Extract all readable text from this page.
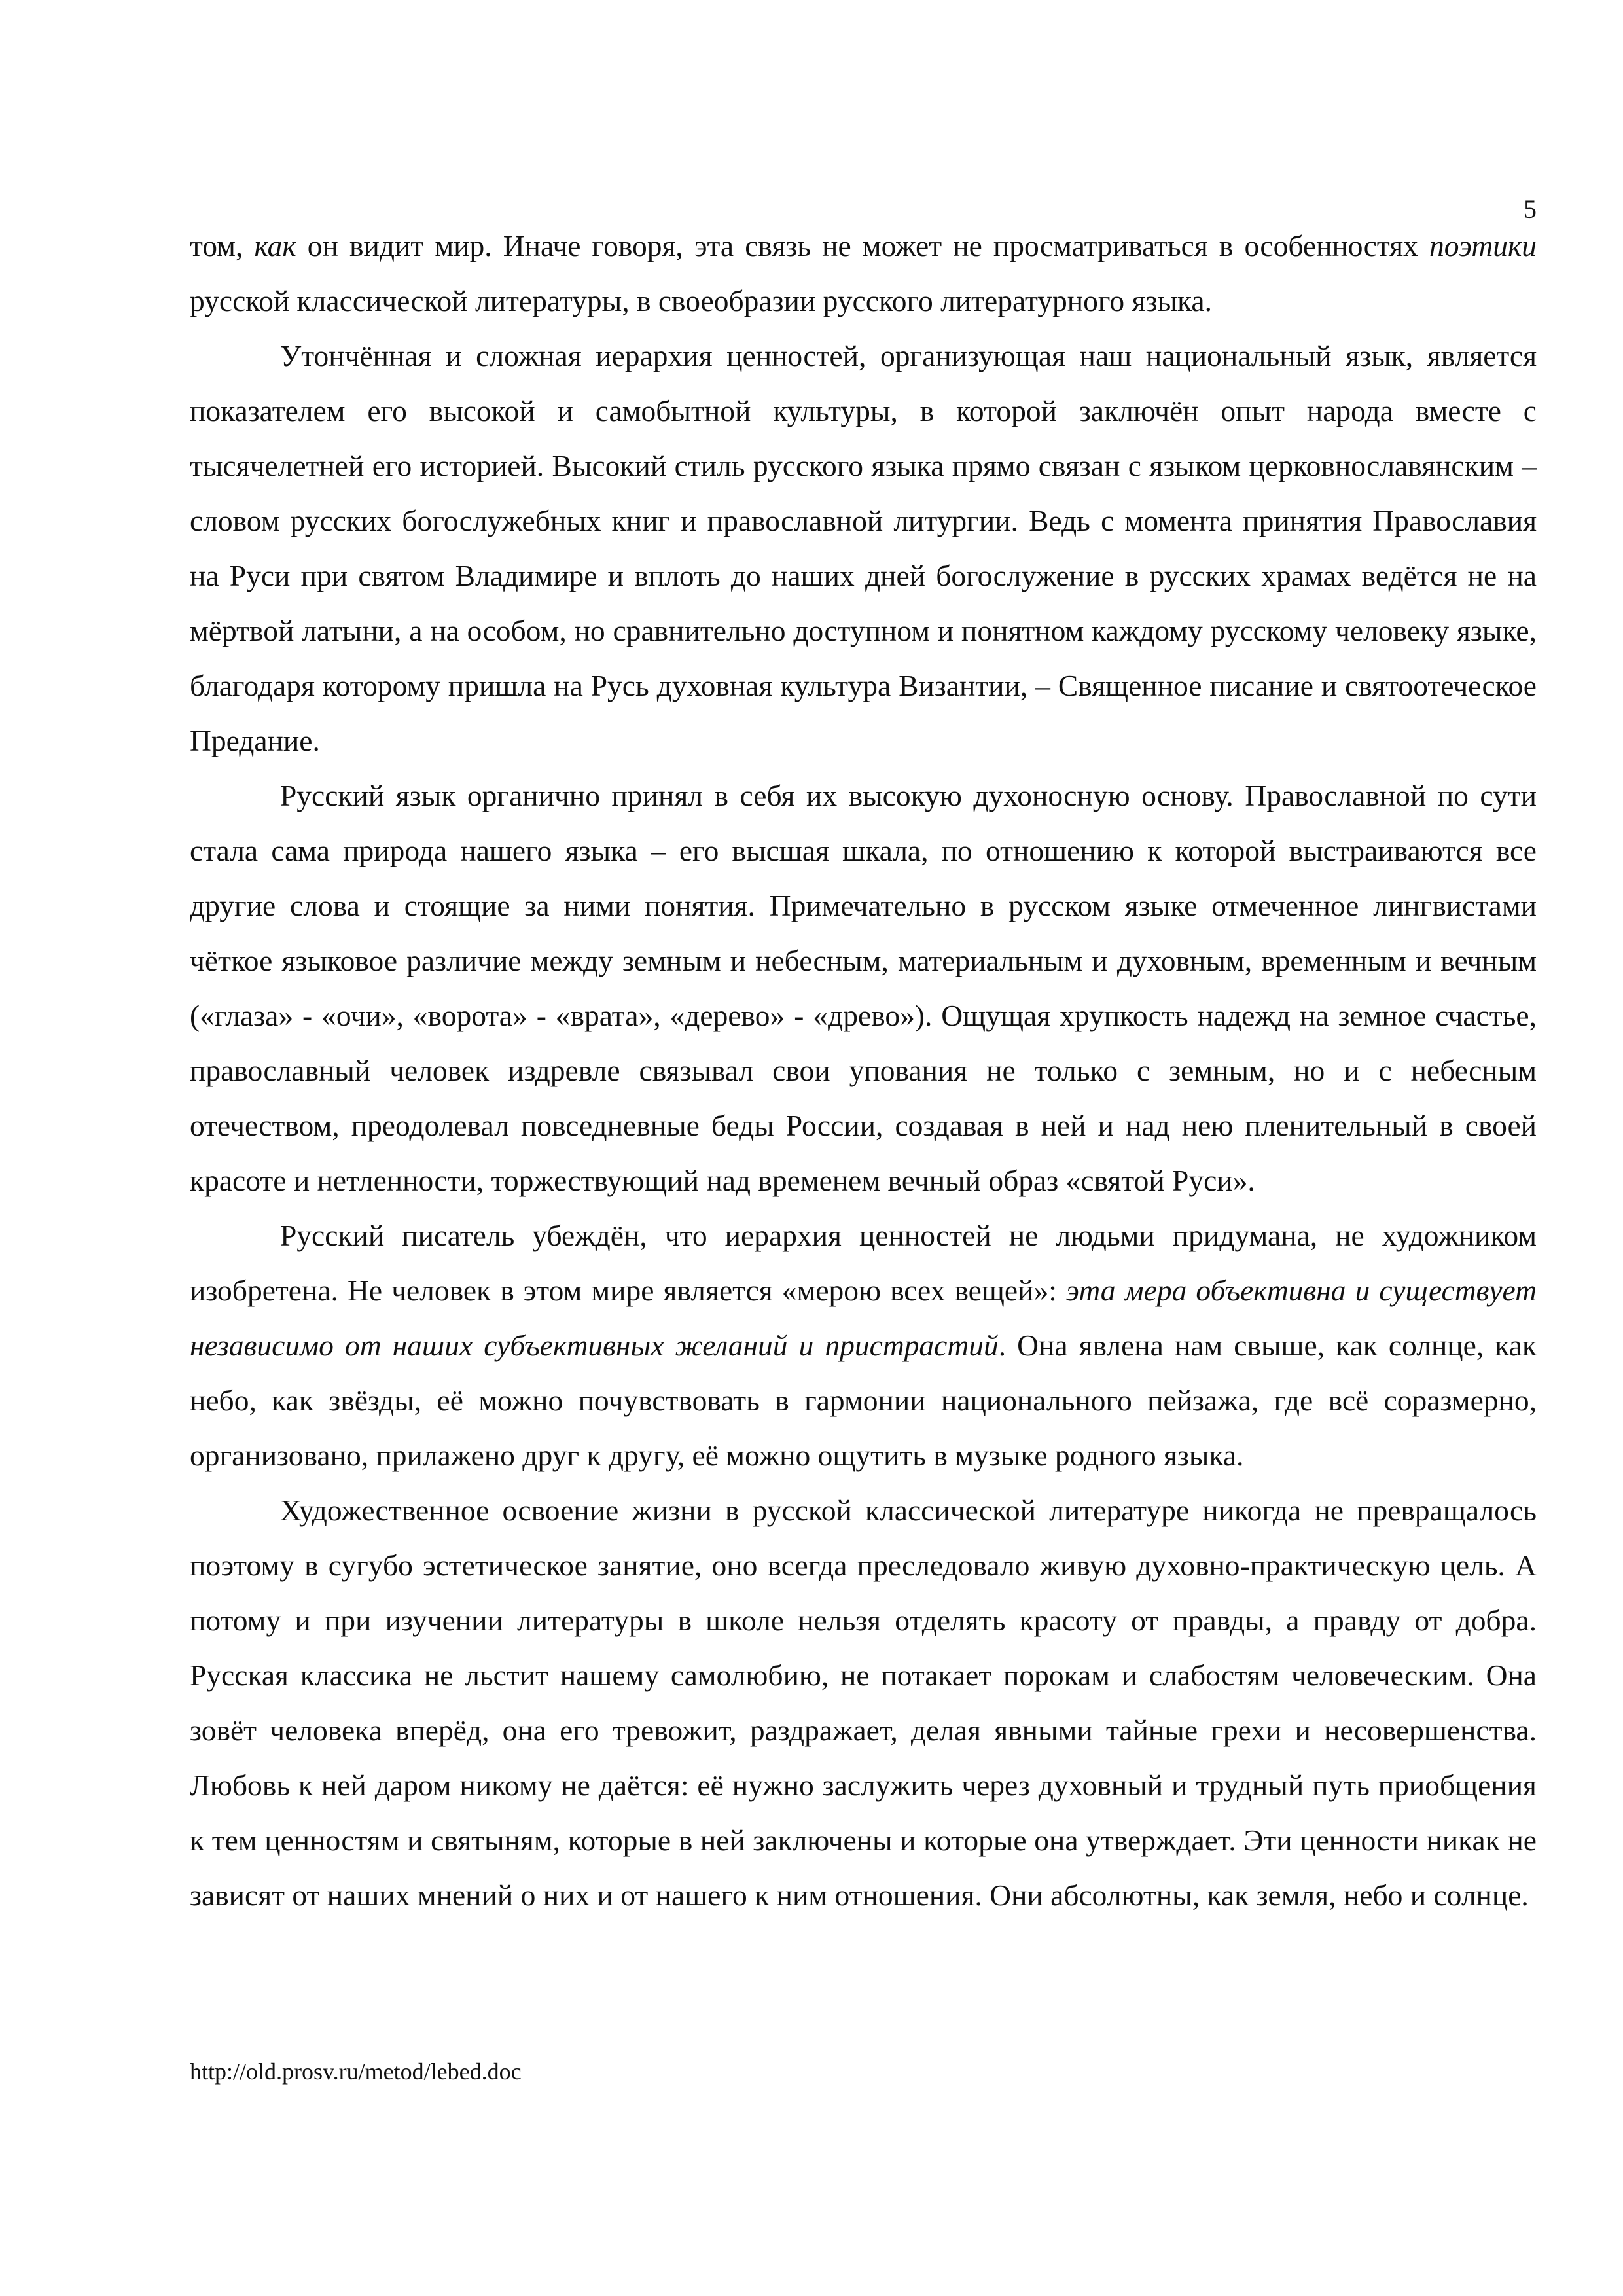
5

том, как он видит мир. Иначе говоря, эта связь не может не просматриваться в особенностях поэтики русской классической литературы, в своеобразии русского литературного языка.

Утончённая и сложная иерархия ценностей, организующая наш национальный язык, является показателем его высокой и самобытной культуры, в которой заключён опыт народа вместе с тысячелетней его историей. Высокий стиль русского языка прямо связан с языком церковнославянским – словом русских богослужебных книг и православной литургии. Ведь с момента принятия Православия на Руси при святом Владимире и вплоть до наших дней богослужение в русских храмах ведётся не на мёртвой латыни, а на особом, но сравнительно доступном и понятном каждому русскому человеку языке, благодаря которому пришла на Русь духовная культура Византии, – Священное писание и святоотеческое Предание.

Русский язык органично принял в себя их высокую духоносную основу. Православной по сути стала сама природа нашего языка – его высшая шкала, по отношению к которой выстраиваются все другие слова и стоящие за ними понятия. Примечательно в русском языке отмеченное лингвистами чёткое языковое различие между земным и небесным, материальным и духовным, временным и вечным («глаза» - «очи», «ворота» - «врата», «дерево» - «древо»). Ощущая хрупкость надежд на земное счастье, православный человек издревле связывал свои упования не только с земным, но и с небесным отечеством, преодолевал повседневные беды России, создавая в ней и над нею пленительный в своей красоте и нетленности, торжествующий над временем вечный образ «святой Руси».

Русский писатель убеждён, что иерархия ценностей не людьми придумана, не художником изобретена. Не человек в этом мире является «мерою всех вещей»: эта мера объективна и существует независимо от наших субъективных желаний и пристрастий. Она явлена нам свыше, как солнце, как небо, как звёзды, её можно почувствовать в гармонии национального пейзажа, где всё соразмерно, организовано, прилажено друг к другу, её можно ощутить в музыке родного языка.

Художественное освоение жизни в русской классической литературе никогда не превращалось поэтому в сугубо эстетическое занятие, оно всегда преследовало живую духовно-практическую цель. А потому и при изучении литературы в школе нельзя отделять красоту от правды, а правду от добра. Русская классика не льстит нашему самолюбию, не потакает порокам и слабостям человеческим. Она зовёт человека вперёд, она его тревожит, раздражает, делая явными тайные грехи и несовершенства. Любовь к ней даром никому не даётся: её нужно заслужить через духовный и трудный путь приобщения к тем ценностям и святыням, которые в ней заключены и которые она утверждает. Эти ценности никак не зависят от наших мнений о них и от нашего к ним отношения. Они абсолютны, как земля, небо и солнце.

http://old.prosv.ru/metod/lebed.doc
